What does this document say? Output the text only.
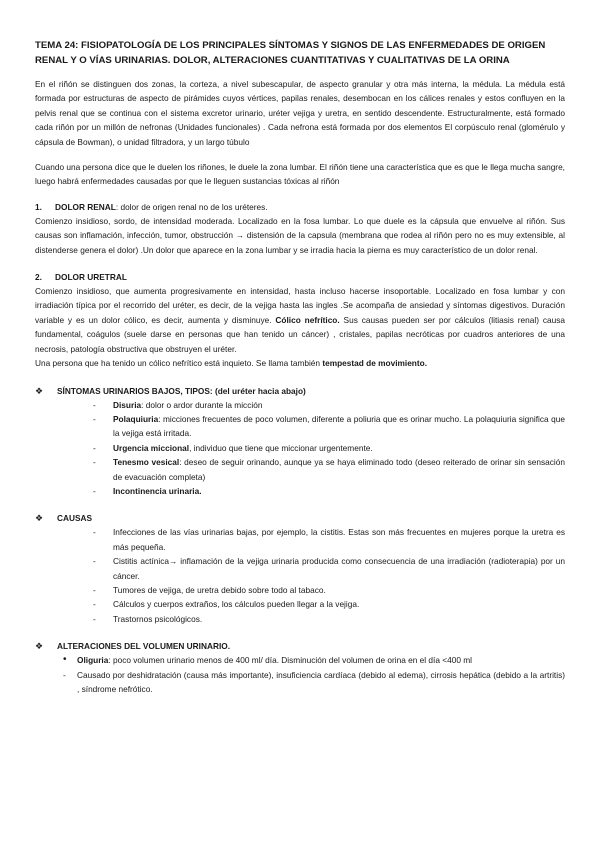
TEMA 24: FISIOPATOLOGÍA DE LOS PRINCIPALES SÍNTOMAS Y SIGNOS DE LAS ENFERMEDADES DE ORIGEN RENAL Y O VÍAS URINARIAS. DOLOR, ALTERACIONES CUANTITATIVAS Y CUALITATIVAS DE LA ORINA

En el riñón se distinguen dos zonas, la corteza, a nivel subescapular, de aspecto granular y otra más interna, la médula. La médula está formada por estructuras de aspecto de pirámides cuyos vértices, papilas renales, desembocan en los cálices renales y estos confluyen en la pelvis renal que se continua con el sistema excretor urinario, uréter vejiga y uretra, en sentido descendente. Estructuralmente, está formado cada riñón por un millón de nefronas (Unidades funcionales) . Cada nefrona está formada por dos elementos El corpúsculo renal (glomérulo y cápsula de Bowman), o unidad filtradora, y un largo túbulo

Cuando una persona dice que le duelen los riñones, le duele la zona lumbar. El riñón tiene una característica que es que le llega mucha sangre, luego habrá enfermedades causadas por que le lleguen sustancias tóxicas al riñón

1. DOLOR RENAL: dolor de origen renal no de los uréteres.

Comienzo insidioso, sordo, de intensidad moderada. Localizado en la fosa lumbar. Lo que duele es la cápsula que envuelve al riñón. Sus causas son inflamación, infección, tumor, obstrucción → distensión de la capsula (membrana que rodea al riñón pero no es muy extensible, al distenderse genera el dolor) .Un dolor que aparece en la zona lumbar y se irradia hacia la pierna es muy característico de un dolor renal.

2. DOLOR URETRAL

Comienzo insidioso, que aumenta progresivamente en intensidad, hasta incluso hacerse insoportable. Localizado en fosa lumbar y con irradiación típica por el recorrido del uréter, es decir, de la vejiga hasta las ingles .Se acompaña de ansiedad y síntomas digestivos. Duración variable y es un dolor cólico, es decir, aumenta y disminuye. Cólico nefrítico. Sus causas pueden ser por cálculos (litiasis renal) causa fundamental, coágulos (suele darse en personas que han tenido un cáncer) , cristales, papilas necróticas por cuadros anteriores de una necrosis, patología obstructiva que obstruyen el uréter.

Una persona que ha tenido un cólico nefrítico está inquieto. Se llama también tempestad de movimiento.

❖	SÍNTOMAS URINARIOS BAJOS, TIPOS: (del uréter hacia abajo)

- Disuria: dolor o ardor durante la micción
- Polaquiuria: micciones frecuentes de poco volumen, diferente a poliuria que es orinar mucho. La polaquiuria significa que la vejiga está irritada.
- Urgencia miccional, individuo que tiene que miccionar urgentemente.
- Tenesmo vesical: deseo de seguir orinando, aunque ya se haya eliminado todo (deseo reiterado de orinar sin sensación de evacuación completa)
- Incontinencia urinaria.

❖	CAUSAS

- Infecciones de las vías urinarias bajas, por ejemplo, la cistitis. Estas son más frecuentes en mujeres porque la uretra es más pequeña.
- Cistitis actínica→ inflamación de la vejiga urinaria producida como consecuencia de una irradiación (radioterapia) por un cáncer.
- Tumores de vejiga, de uretra debido sobre todo al tabaco.
- Cálculos y cuerpos extraños, los cálculos pueden llegar a la vejiga.
- Trastornos psicológicos.

❖	ALTERACIONES DEL VOLUMEN URINARIO.

• Oliguria: poco volumen urinario menos de 400 ml/ día. Disminución del volumen de orina en el día <400 ml
- Causado por deshidratación (causa más importante), insuficiencia cardíaca (debido al edema), cirrosis hepática (debido a la artritis) , síndrome nefrótico.
